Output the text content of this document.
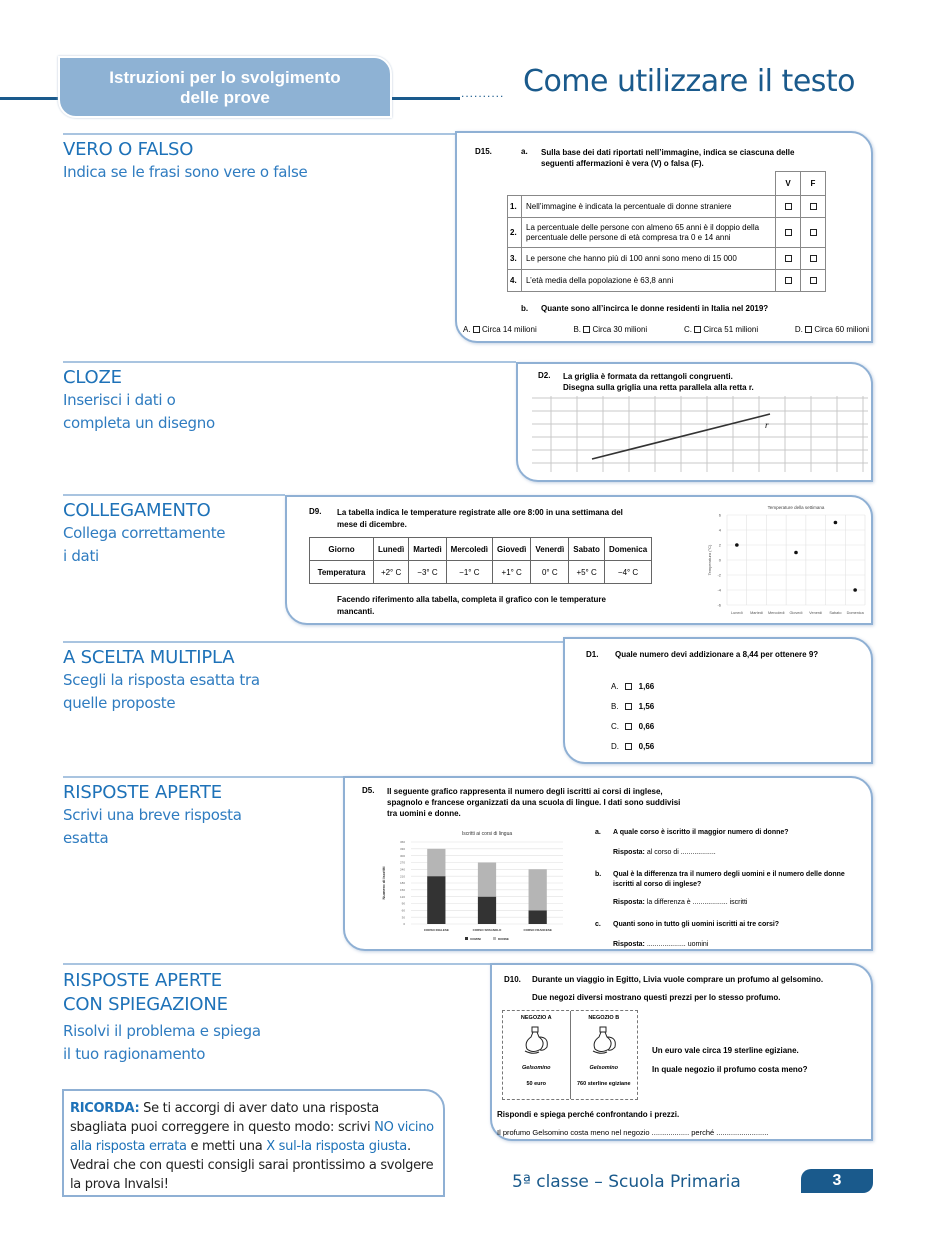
Istruzioni per lo svolgimento
delle prove	.......... Come utilizzare il testo
VERO O FALSO
Indica se le frasi sono vere o false
D15.	a. Sulla base dei dati riportati nell’immagine, indica se ciascuna delle
seguenti affermazioni è vera (V) o falsa (F).
		V	F
1.	Nell’immagine è indicata la percentuale di donne straniere		
2.	La percentuale delle persone con almeno 65 anni è il doppio della percentuale delle persone di età compresa tra 0 e 14 anni		
3.	Le persone che hanno più di 100 anni sono meno di 15 000		
4.	L’età media della popolazione è 63,8 anni		
b. Quante sono all’incirca le donne residenti in Italia nel 2019?
A. Circa 14 milioni	B. Circa 30 milioni	C. Circa 51 milioni	D. Circa 60 milioni
CLOZE
Inserisci i dati o
completa un disegno
D2. La griglia è formata da rettangoli congruenti.
Disegna sulla griglia una retta parallela alla retta r.
r
COLLEGAMENTO
Collega correttamente
i dati
D9. La tabella indica le temperature registrate alle ore 8:00 in una settimana del
mese di dicembre.
Giorno	Lunedì	Martedì	Mercoledì	Giovedì	Venerdì	Sabato	Domenica
Temperatura	+2° C	−3° C	−1° C	+1° C	0° C	+5° C	−4° C
Facendo riferimento alla tabella, completa il grafico con le temperature
mancanti.
Temperature della settimana
Temperatura (°C)
-6
-4
-2
0
2
4
6
Lunedì Martedì Mercoledì Giovedì Venerdì Sabato Domenica
A SCELTA MULTIPLA
Scegli la risposta esatta tra
quelle proposte
D1. Quale numero devi addizionare a 8,44 per ottenere 9?
A.	1,66
B.	1,56
C. 0,66
D. 0,56
RISPOSTE APERTE
Scrivi una breve risposta
esatta
D5. Il seguente grafico rappresenta il numero degli iscritti ai corsi di inglese,
spagnolo e francese organizzati da una scuola di lingue. I dati sono suddivisi
tra uomini e donne.
Iscritti ai corsi di lingua
Numero di iscritti
0
30
60
90
120
150
180
210
240
270
300
330
360
CORSO INGLESE	CORSO SPAGNOLO	CORSO FRANCESE
UOMINI	DONNE
a.	A quale corso è iscritto il maggior numero di donne?
Risposta: al corso di ..................
b.	Qual è la differenza tra il numero degli uomini e il numero delle donne iscritti al corso di inglese?
Risposta: la differenza è .................. iscritti
c.	Quanti sono in tutto gli uomini iscritti ai tre corsi?
Risposta: .................... uomini
RISPOSTE APERTE
CON SPIEGAZIONE
Risolvi il problema e spiega
il tuo ragionamento
D10. Durante un viaggio in Egitto, Livia vuole comprare un profumo al gelsomino.
Due negozi diversi mostrano questi prezzi per lo stesso profumo.
NEGOZIO A
Gelsomino
50 euro
NEGOZIO B
Gelsomino
760 sterline egiziane
Un euro vale circa 19 sterline egiziane.
In quale negozio il profumo costa meno?
Rispondi e spiega perché confrontando i prezzi.
Il profumo Gelsomino costa meno nel negozio .................. perché .........................
RICORDA: Se ti accorgi di aver dato una risposta sbagliata puoi correggere in questo modo: scrivi NO vicino alla risposta errata e metti una X sul-la risposta giusta. Vedrai che con questi consigli sarai prontissimo a svolgere la prova Invalsi!	5ª classe – Scuola Primaria	3
